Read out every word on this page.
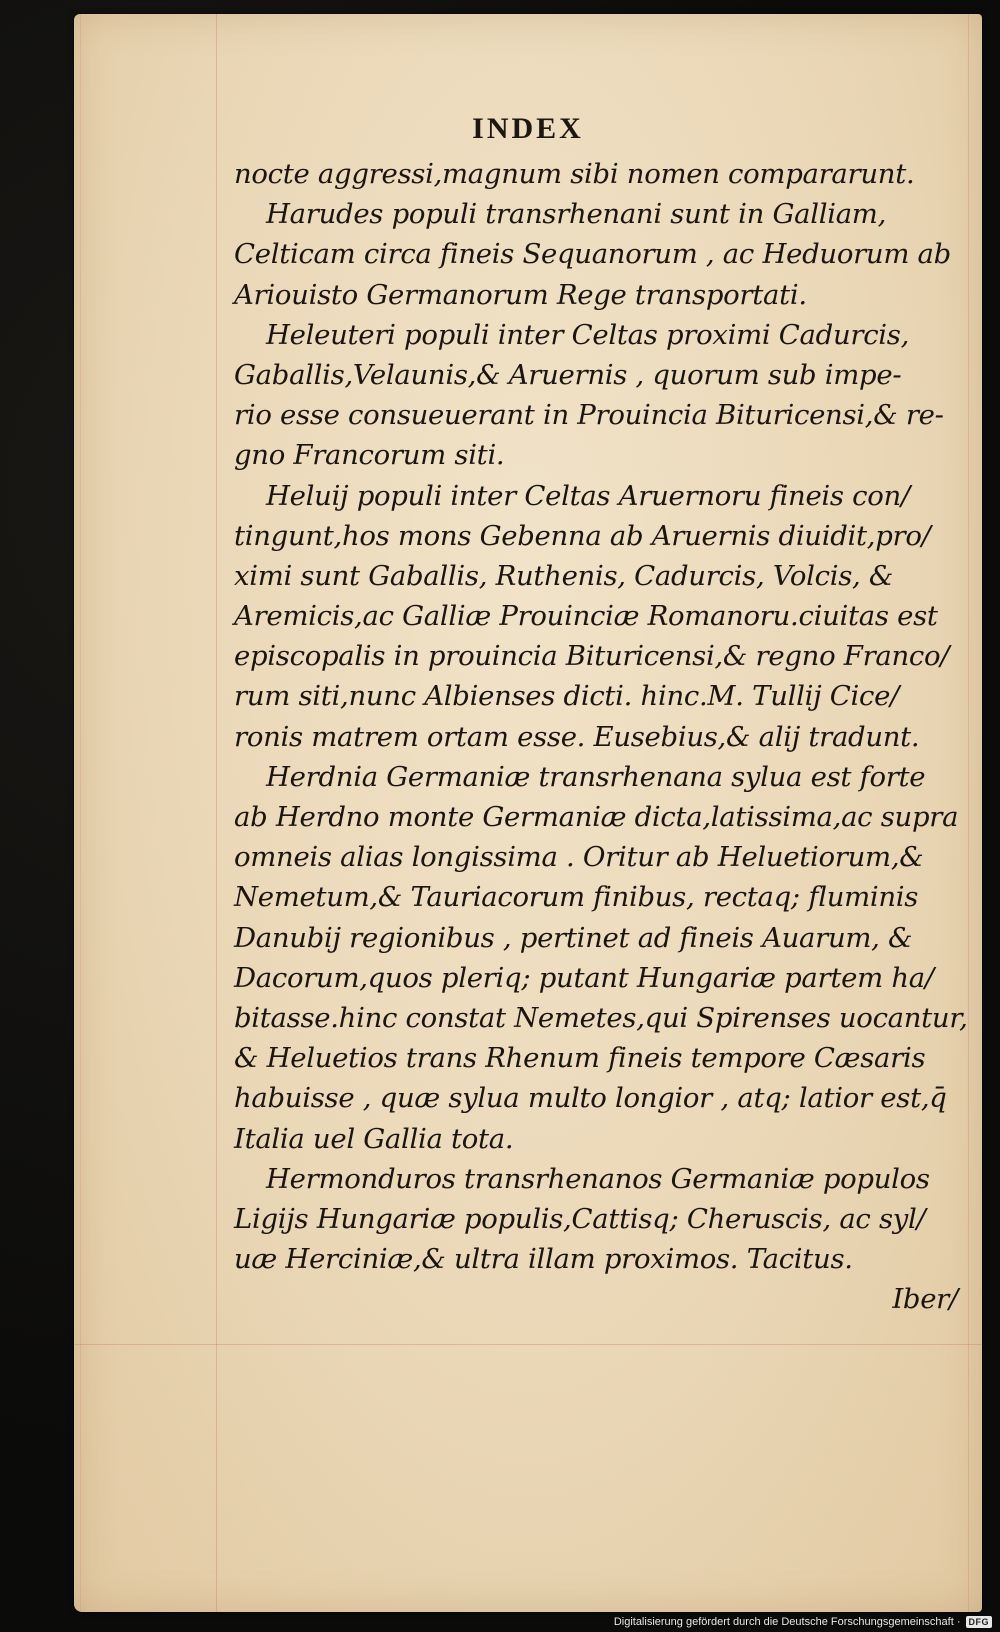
INDEX
nocte aggressi,magnum sibi nomen compararunt.
Harudes populi transrhenani sunt in Galliam,
Celticam circa fineis Sequanorum , ac Heduorum ab
Ariouisto Germanorum Rege transportati.
Heleuteri populi inter Celtas proximi Cadurcis,
Gaballis,Velaunis,& Aruernis , quorum sub impe-
rio esse consueuerant in Prouincia Bituricensi,& re-
gno Francorum siti.
Heluij populi inter Celtas Aruernoru fineis con/
tingunt,hos mons Gebenna ab Aruernis diuidit,pro/
ximi sunt Gaballis, Ruthenis, Cadurcis, Volcis, &
Aremicis,ac Galliæ Prouinciæ Romanoru.ciuitas est
episcopalis in prouincia Bituricensi,& regno Franco/
rum siti,nunc Albienses dicti. hinc.M. Tullij Cice/
ronis matrem ortam esse. Eusebius,& alij tradunt.
Herdnia Germaniæ transrhenana sylua est forte
ab Herdno monte Germaniæ dicta,latissima,ac supra
omneis alias longissima . Oritur ab Heluetiorum,&
Nemetum,& Tauriacorum finibus, rectaq; fluminis
Danubij regionibus , pertinet ad fineis Auarum, &
Dacorum,quos pleriq; putant Hungariæ partem ha/
bitasse.hinc constat Nemetes,qui Spirenses uocantur,
& Heluetios trans Rhenum fineis tempore Cæsaris
habuisse , quæ sylua multo longior , atq; latior est,q̄
Italia uel Gallia tota.
Hermonduros transrhenanos Germaniæ populos
Ligijs Hungariæ populis,Cattisq; Cheruscis, ac syl/
uæ Herciniæ,& ultra illam proximos. Tacitus.
Iber/
Digitalisierung gefördert durch die Deutsche Forschungsgemeinschaft · DFG
